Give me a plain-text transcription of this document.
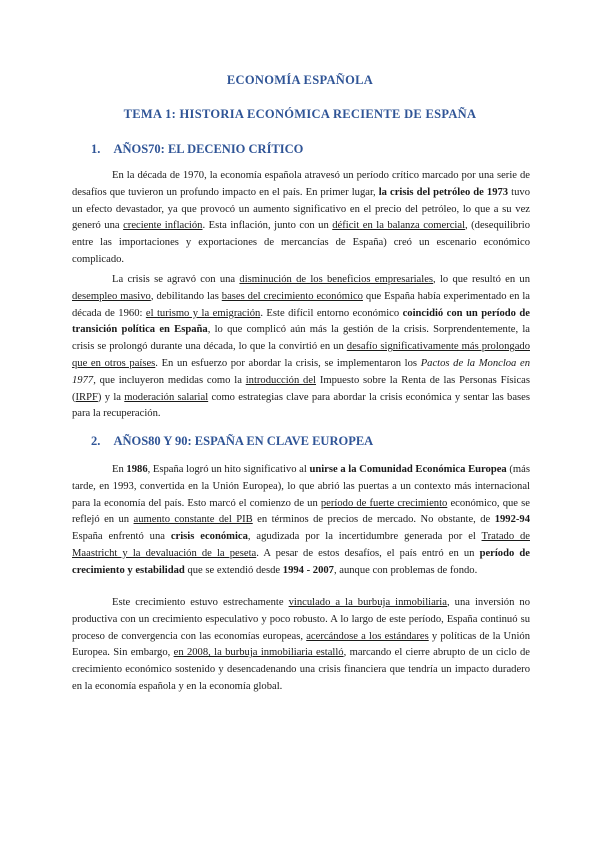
ECONOMÍA ESPAÑOLA
TEMA 1: HISTORIA ECONÓMICA RECIENTE DE ESPAÑA
1. AÑOS70: EL DECENIO CRÍTICO

En la década de 1970, la economía española atravesó un período crítico marcado por una serie de desafíos que tuvieron un profundo impacto en el país. En primer lugar, la crisis del petróleo de 1973 tuvo un efecto devastador, ya que provocó un aumento significativo en el precio del petróleo, lo que a su vez generó una creciente inflación. Esta inflación, junto con un déficit en la balanza comercial, (desequilibrio entre las importaciones y exportaciones de mercancías de España) creó un escenario económico complicado.

La crisis se agravó con una disminución de los beneficios empresariales, lo que resultó en un desempleo masivo, debilitando las bases del crecimiento económico que España había experimentado en la década de 1960: el turismo y la emigración. Este difícil entorno económico coincidió con un período de transición política en España, lo que complicó aún más la gestión de la crisis. Sorprendentemente, la crisis se prolongó durante una década, lo que la convirtió en un desafío significativamente más prolongado que en otros países. En un esfuerzo por abordar la crisis, se implementaron los Pactos de la Moncloa en 1977, que incluyeron medidas como la introducción del Impuesto sobre la Renta de las Personas Físicas (IRPF) y la moderación salarial como estrategias clave para abordar la crisis económica y sentar las bases para la recuperación.

2. AÑOS80 Y 90: ESPAÑA EN CLAVE EUROPEA

En 1986, España logró un hito significativo al unirse a la Comunidad Económica Europea (más tarde, en 1993, convertida en la Unión Europea), lo que abrió las puertas a un contexto más internacional para la economía del país. Esto marcó el comienzo de un período de fuerte crecimiento económico, que se reflejó en un aumento constante del PIB en términos de precios de mercado. No obstante, de 1992-94 España enfrentó una crisis económica, agudizada por la incertidumbre generada por el Tratado de Maastricht y la devaluación de la peseta. A pesar de estos desafíos, el país entró en un período de crecimiento y estabilidad que se extendió desde 1994 - 2007, aunque con problemas de fondo.

Este crecimiento estuvo estrechamente vinculado a la burbuja inmobiliaria, una inversión no productiva con un crecimiento especulativo y poco robusto. A lo largo de este período, España continuó su proceso de convergencia con las economías europeas, acercándose a los estándares y políticas de la Unión Europea. Sin embargo, en 2008, la burbuja inmobiliaria estalló, marcando el cierre abrupto de un ciclo de crecimiento económico sostenido y desencadenando una crisis financiera que tendría un impacto duradero en la economía española y en la economía global.
